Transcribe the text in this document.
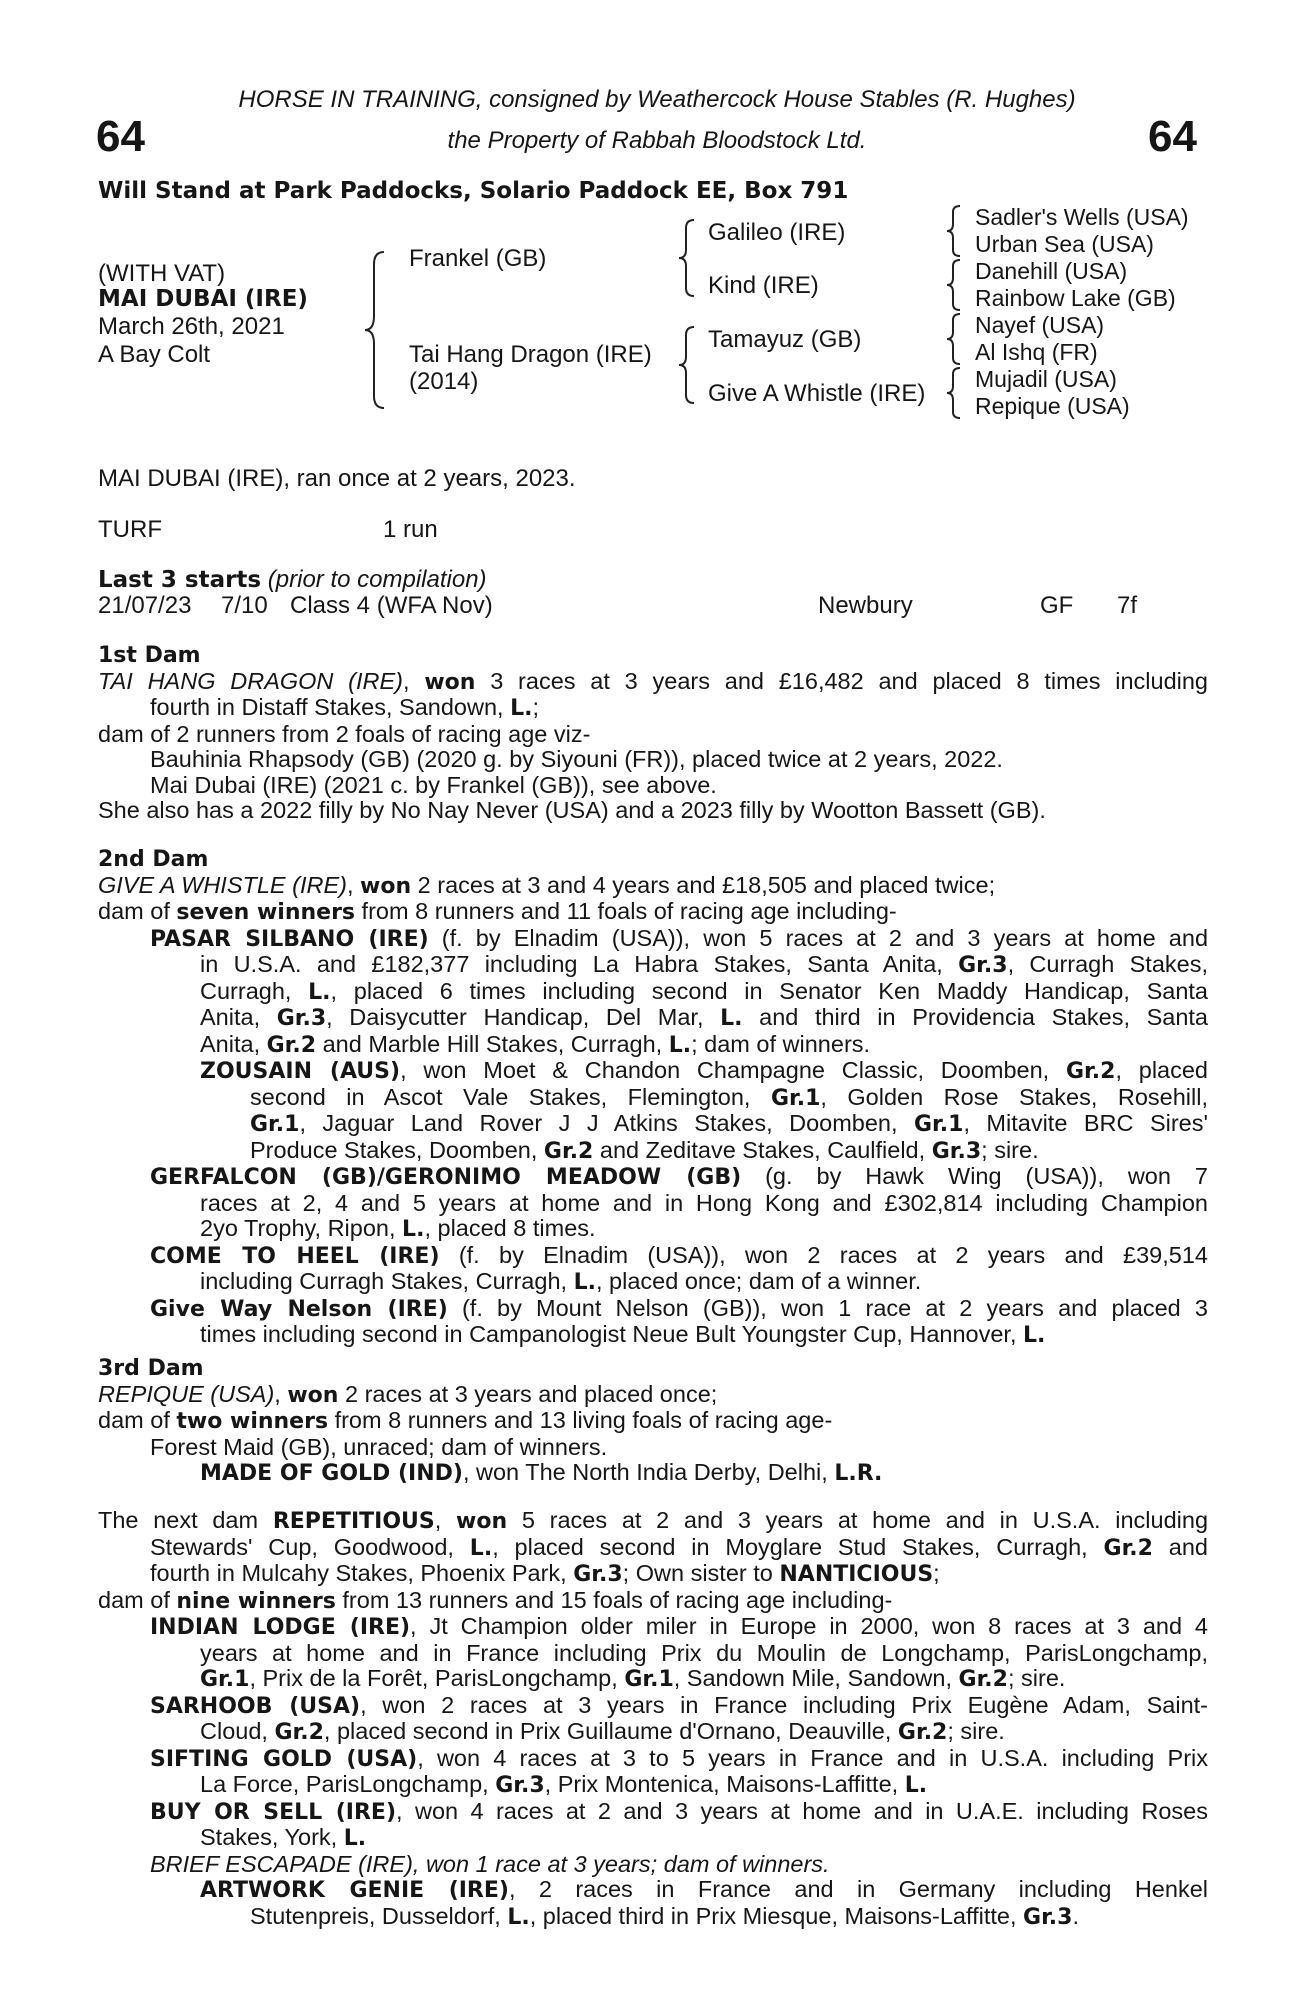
HORSE IN TRAINING, consigned by Weathercock House Stables (R. Hughes)
the Property of Rabbah Bloodstock Ltd.
64	64
Will Stand at Park Paddocks, Solario Paddock EE, Box 791
(WITH VAT)
MAI DUBAI (IRE)
March 26th, 2021
A Bay Colt
Frankel (GB)
Tai Hang Dragon (IRE)
(2014)
Galileo (IRE)
Kind (IRE)
Tamayuz (GB)
Give A Whistle (IRE)
Sadler's Wells (USA)
Urban Sea (USA)
Danehill (USA)
Rainbow Lake (GB)
Nayef (USA)
Al Ishq (FR)
Mujadil (USA)
Repique (USA)
MAI DUBAI (IRE), ran once at 2 years, 2023.
TURF	1 run
Last 3 starts (prior to compilation)
21/07/23 7/10 Class 4 (WFA Nov)	Newbury	GF 7f
1st Dam
TAI HANG DRAGON (IRE), won 3 races at 3 years and £16,482 and placed 8 times including
fourth in Distaff Stakes, Sandown, L.;
dam of 2 runners from 2 foals of racing age viz-
Bauhinia Rhapsody (GB) (2020 g. by Siyouni (FR)), placed twice at 2 years, 2022.
Mai Dubai (IRE) (2021 c. by Frankel (GB)), see above.
She also has a 2022 filly by No Nay Never (USA) and a 2023 filly by Wootton Bassett (GB).
2nd Dam
GIVE A WHISTLE (IRE), won 2 races at 3 and 4 years and £18,505 and placed twice;
dam of seven winners from 8 runners and 11 foals of racing age including-
PASAR SILBANO (IRE) (f. by Elnadim (USA)), won 5 races at 2 and 3 years at home and
in U.S.A. and £182,377 including La Habra Stakes, Santa Anita, Gr.3, Curragh Stakes,
Curragh, L., placed 6 times including second in Senator Ken Maddy Handicap, Santa
Anita, Gr.3, Daisycutter Handicap, Del Mar, L. and third in Providencia Stakes, Santa
Anita, Gr.2 and Marble Hill Stakes, Curragh, L.; dam of winners.
ZOUSAIN (AUS), won Moet & Chandon Champagne Classic, Doomben, Gr.2, placed
second in Ascot Vale Stakes, Flemington, Gr.1, Golden Rose Stakes, Rosehill,
Gr.1, Jaguar Land Rover J J Atkins Stakes, Doomben, Gr.1, Mitavite BRC Sires'
Produce Stakes, Doomben, Gr.2 and Zeditave Stakes, Caulfield, Gr.3; sire.
GERFALCON (GB)/GERONIMO MEADOW (GB) (g. by Hawk Wing (USA)), won 7
races at 2, 4 and 5 years at home and in Hong Kong and £302,814 including Champion
2yo Trophy, Ripon, L., placed 8 times.
COME TO HEEL (IRE) (f. by Elnadim (USA)), won 2 races at 2 years and £39,514
including Curragh Stakes, Curragh, L., placed once; dam of a winner.
Give Way Nelson (IRE) (f. by Mount Nelson (GB)), won 1 race at 2 years and placed 3
times including second in Campanologist Neue Bult Youngster Cup, Hannover, L.
3rd Dam
REPIQUE (USA), won 2 races at 3 years and placed once;
dam of two winners from 8 runners and 13 living foals of racing age-
Forest Maid (GB), unraced; dam of winners.
MADE OF GOLD (IND), won The North India Derby, Delhi, L.R.
The next dam REPETITIOUS, won 5 races at 2 and 3 years at home and in U.S.A. including
Stewards' Cup, Goodwood, L., placed second in Moyglare Stud Stakes, Curragh, Gr.2 and
fourth in Mulcahy Stakes, Phoenix Park, Gr.3; Own sister to NANTICIOUS;
dam of nine winners from 13 runners and 15 foals of racing age including-
INDIAN LODGE (IRE), Jt Champion older miler in Europe in 2000, won 8 races at 3 and 4
years at home and in France including Prix du Moulin de Longchamp, ParisLongchamp,
Gr.1, Prix de la Forêt, ParisLongchamp, Gr.1, Sandown Mile, Sandown, Gr.2; sire.
SARHOOB (USA), won 2 races at 3 years in France including Prix Eugène Adam, Saint-
Cloud, Gr.2, placed second in Prix Guillaume d'Ornano, Deauville, Gr.2; sire.
SIFTING GOLD (USA), won 4 races at 3 to 5 years in France and in U.S.A. including Prix
La Force, ParisLongchamp, Gr.3, Prix Montenica, Maisons-Laffitte, L.
BUY OR SELL (IRE), won 4 races at 2 and 3 years at home and in U.A.E. including Roses
Stakes, York, L.
BRIEF ESCAPADE (IRE), won 1 race at 3 years; dam of winners.
ARTWORK GENIE (IRE), 2 races in France and in Germany including Henkel
Stutenpreis, Dusseldorf, L., placed third in Prix Miesque, Maisons-Laffitte, Gr.3.
